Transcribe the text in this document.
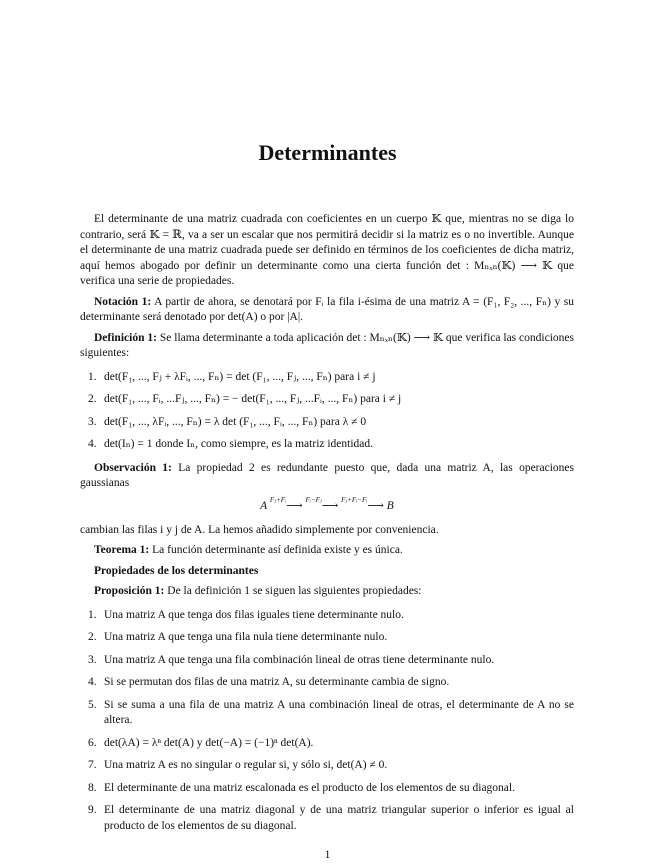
Determinantes
El determinante de una matriz cuadrada con coeficientes en un cuerpo 𝕂 que, mientras no se diga lo contrario, será 𝕂 = ℝ, va a ser un escalar que nos permitirá decidir si la matriz es o no invertible. Aunque el determinante de una matriz cuadrada puede ser definido en términos de los coeficientes de dicha matriz, aquí hemos abogado por definir un determinante como una cierta función det : Mₙₓₙ(𝕂) ⟶ 𝕂 que verifica una serie de propiedades.
Notación 1: A partir de ahora, se denotará por Fᵢ la fila i-ésima de una matriz A = (F₁, F₂, ..., Fₙ) y su determinante será denotado por det(A) o por |A|.
Definición 1: Se llama determinante a toda aplicación det : Mₙₓₙ(𝕂) ⟶ 𝕂 que verifica las condiciones siguientes:
1. det(F₁, ..., Fⱼ + λFᵢ, ..., Fₙ) = det (F₁, ..., Fⱼ, ..., Fₙ) para i ≠ j
2. det(F₁, ..., Fᵢ, ...Fⱼ, ..., Fₙ) = − det(F₁, ..., Fⱼ, ...Fᵢ, ..., Fₙ) para i ≠ j
3. det(F₁, ..., λFᵢ, ..., Fₙ) = λ det (F₁, ..., Fᵢ, ..., Fₙ) para λ ≠ 0
4. det(Iₙ) = 1 donde Iₙ, como siempre, es la matriz identidad.
Observación 1: La propiedad 2 es redundante puesto que, dada una matriz A, las operaciones gaussianas
A $^{Fⱼ+Fᵢ}$⟶ $^{Fᵢ-Fⱼ}$⟶ $^{Fⱼ+Fᵢ-Fᵢ}$⟶ B
cambian las filas i y j de A. La hemos añadido simplemente por conveniencia.
Teorema 1: La función determinante así definida existe y es única.
Propiedades de los determinantes
Proposición 1: De la definición 1 se siguen las siguientes propiedades:
1. Una matriz A que tenga dos filas iguales tiene determinante nulo.
2. Una matriz A que tenga una fila nula tiene determinante nulo.
3. Una matriz A que tenga una fila combinación lineal de otras tiene determinante nulo.
4. Si se permutan dos filas de una matriz A, su determinante cambia de signo.
5. Si se suma a una fila de una matriz A una combinación lineal de otras, el determinante de A no se altera.
6. det(λA) = λⁿ det(A) y det(−A) = (−1)ⁿ det(A).
7. Una matriz A es no singular o regular si, y sólo si, det(A) ≠ 0.
8. El determinante de una matriz escalonada es el producto de los elementos de su diagonal.
9. El determinante de una matriz diagonal y de una matriz triangular superior o inferior es igual al producto de los elementos de su diagonal.
1
